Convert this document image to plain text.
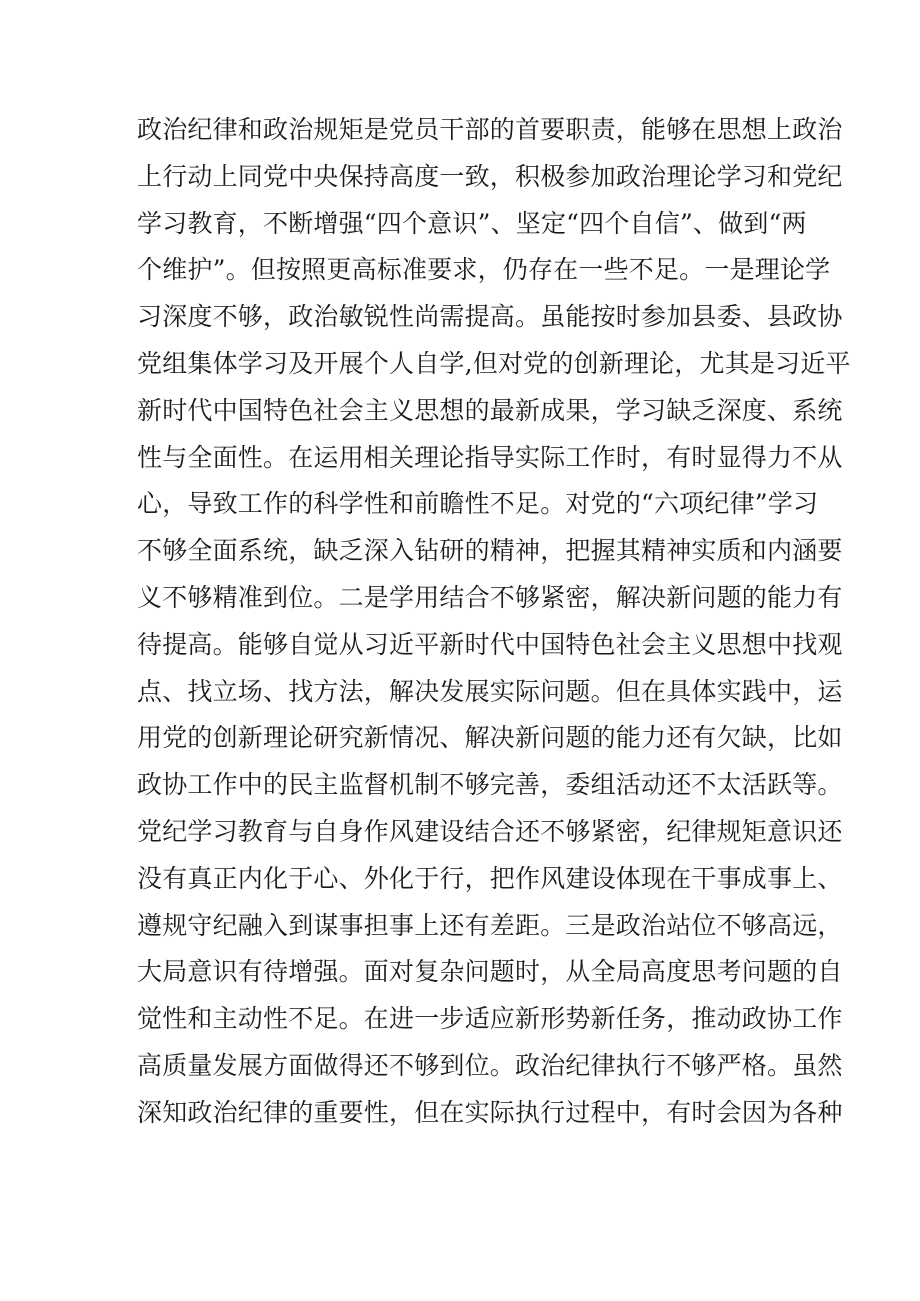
政治纪律和政治规矩是党员干部的首要职责，能够在思想上政治
上行动上同党中央保持高度一致，积极参加政治理论学习和党纪
学习教育，不断增强“四个意识”、坚定“四个自信”、做到“两
个维护”。但按照更高标准要求，仍存在一些不足。一是理论学
习深度不够，政治敏锐性尚需提高。虽能按时参加县委、县政协
党组集体学习及开展个人自学,但对党的创新理论，尤其是习近平
新时代中国特色社会主义思想的最新成果，学习缺乏深度、系统
性与全面性。在运用相关理论指导实际工作时，有时显得力不从
心，导致工作的科学性和前瞻性不足。对党的“六项纪律”学习
不够全面系统，缺乏深入钻研的精神，把握其精神实质和内涵要
义不够精准到位。二是学用结合不够紧密，解决新问题的能力有
待提高。能够自觉从习近平新时代中国特色社会主义思想中找观
点、找立场、找方法，解决发展实际问题。但在具体实践中，运
用党的创新理论研究新情况、解决新问题的能力还有欠缺，比如
政协工作中的民主监督机制不够完善，委组活动还不太活跃等。
党纪学习教育与自身作风建设结合还不够紧密，纪律规矩意识还
没有真正内化于心、外化于行，把作风建设体现在干事成事上、
遵规守纪融入到谋事担事上还有差距。三是政治站位不够高远，
大局意识有待增强。面对复杂问题时，从全局高度思考问题的自
觉性和主动性不足。在进一步适应新形势新任务，推动政协工作
高质量发展方面做得还不够到位。政治纪律执行不够严格。虽然
深知政治纪律的重要性，但在实际执行过程中，有时会因为各种
